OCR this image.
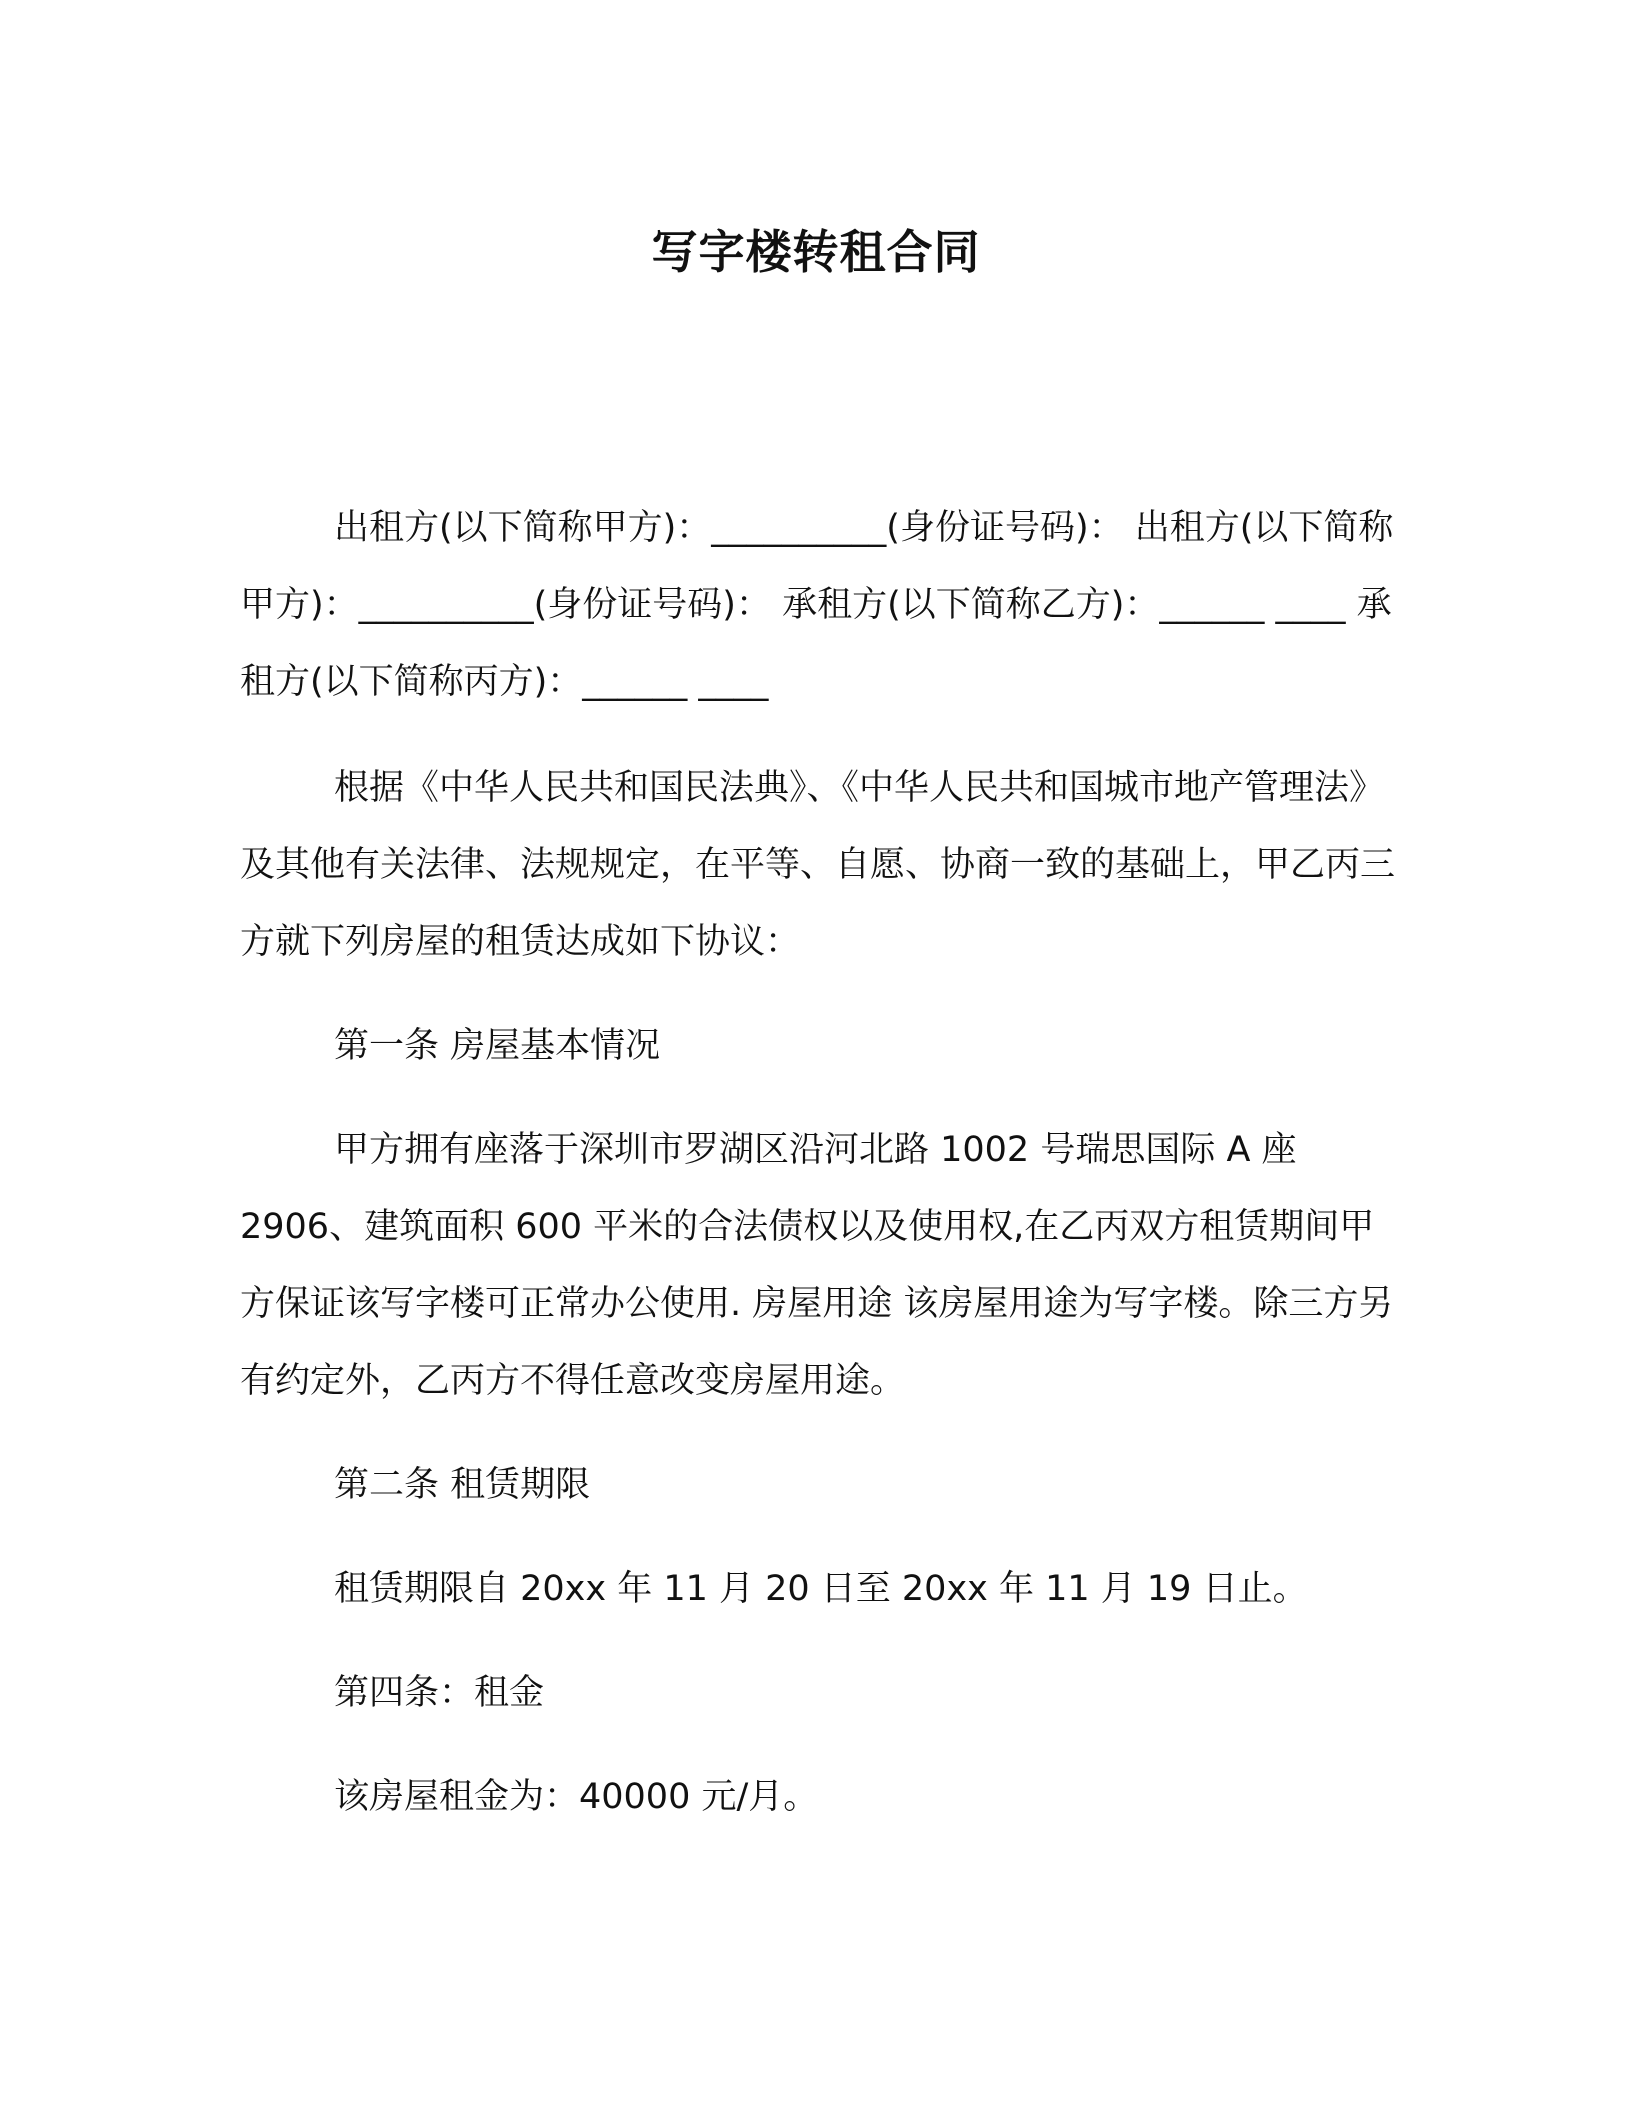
写字楼转租合同

出租方(以下简称甲方)：__________(身份证号码)： 出租方(以下简称甲方)：__________(身份证号码)： 承租方(以下简称乙方)：______ ____ 承租方(以下简称丙方)：______ ____

根据《中华人民共和国民法典》、《中华人民共和国城市地产管理法》及其他有关法律、法规规定，在平等、自愿、协商一致的基础上，甲乙丙三方就下列房屋的租赁达成如下协议：

第一条 房屋基本情况

甲方拥有座落于深圳市罗湖区沿河北路 1002 号瑞思国际 A 座 2906、建筑面积 600 平米的合法债权以及使用权,在乙丙双方租赁期间甲方保证该写字楼可正常办公使用. 房屋用途 该房屋用途为写字楼。除三方另有约定外，乙丙方不得任意改变房屋用途。

第二条 租赁期限

租赁期限自 20xx 年 11 月 20 日至 20xx 年 11 月 19 日止。

第四条：租金

该房屋租金为：40000 元/月。
